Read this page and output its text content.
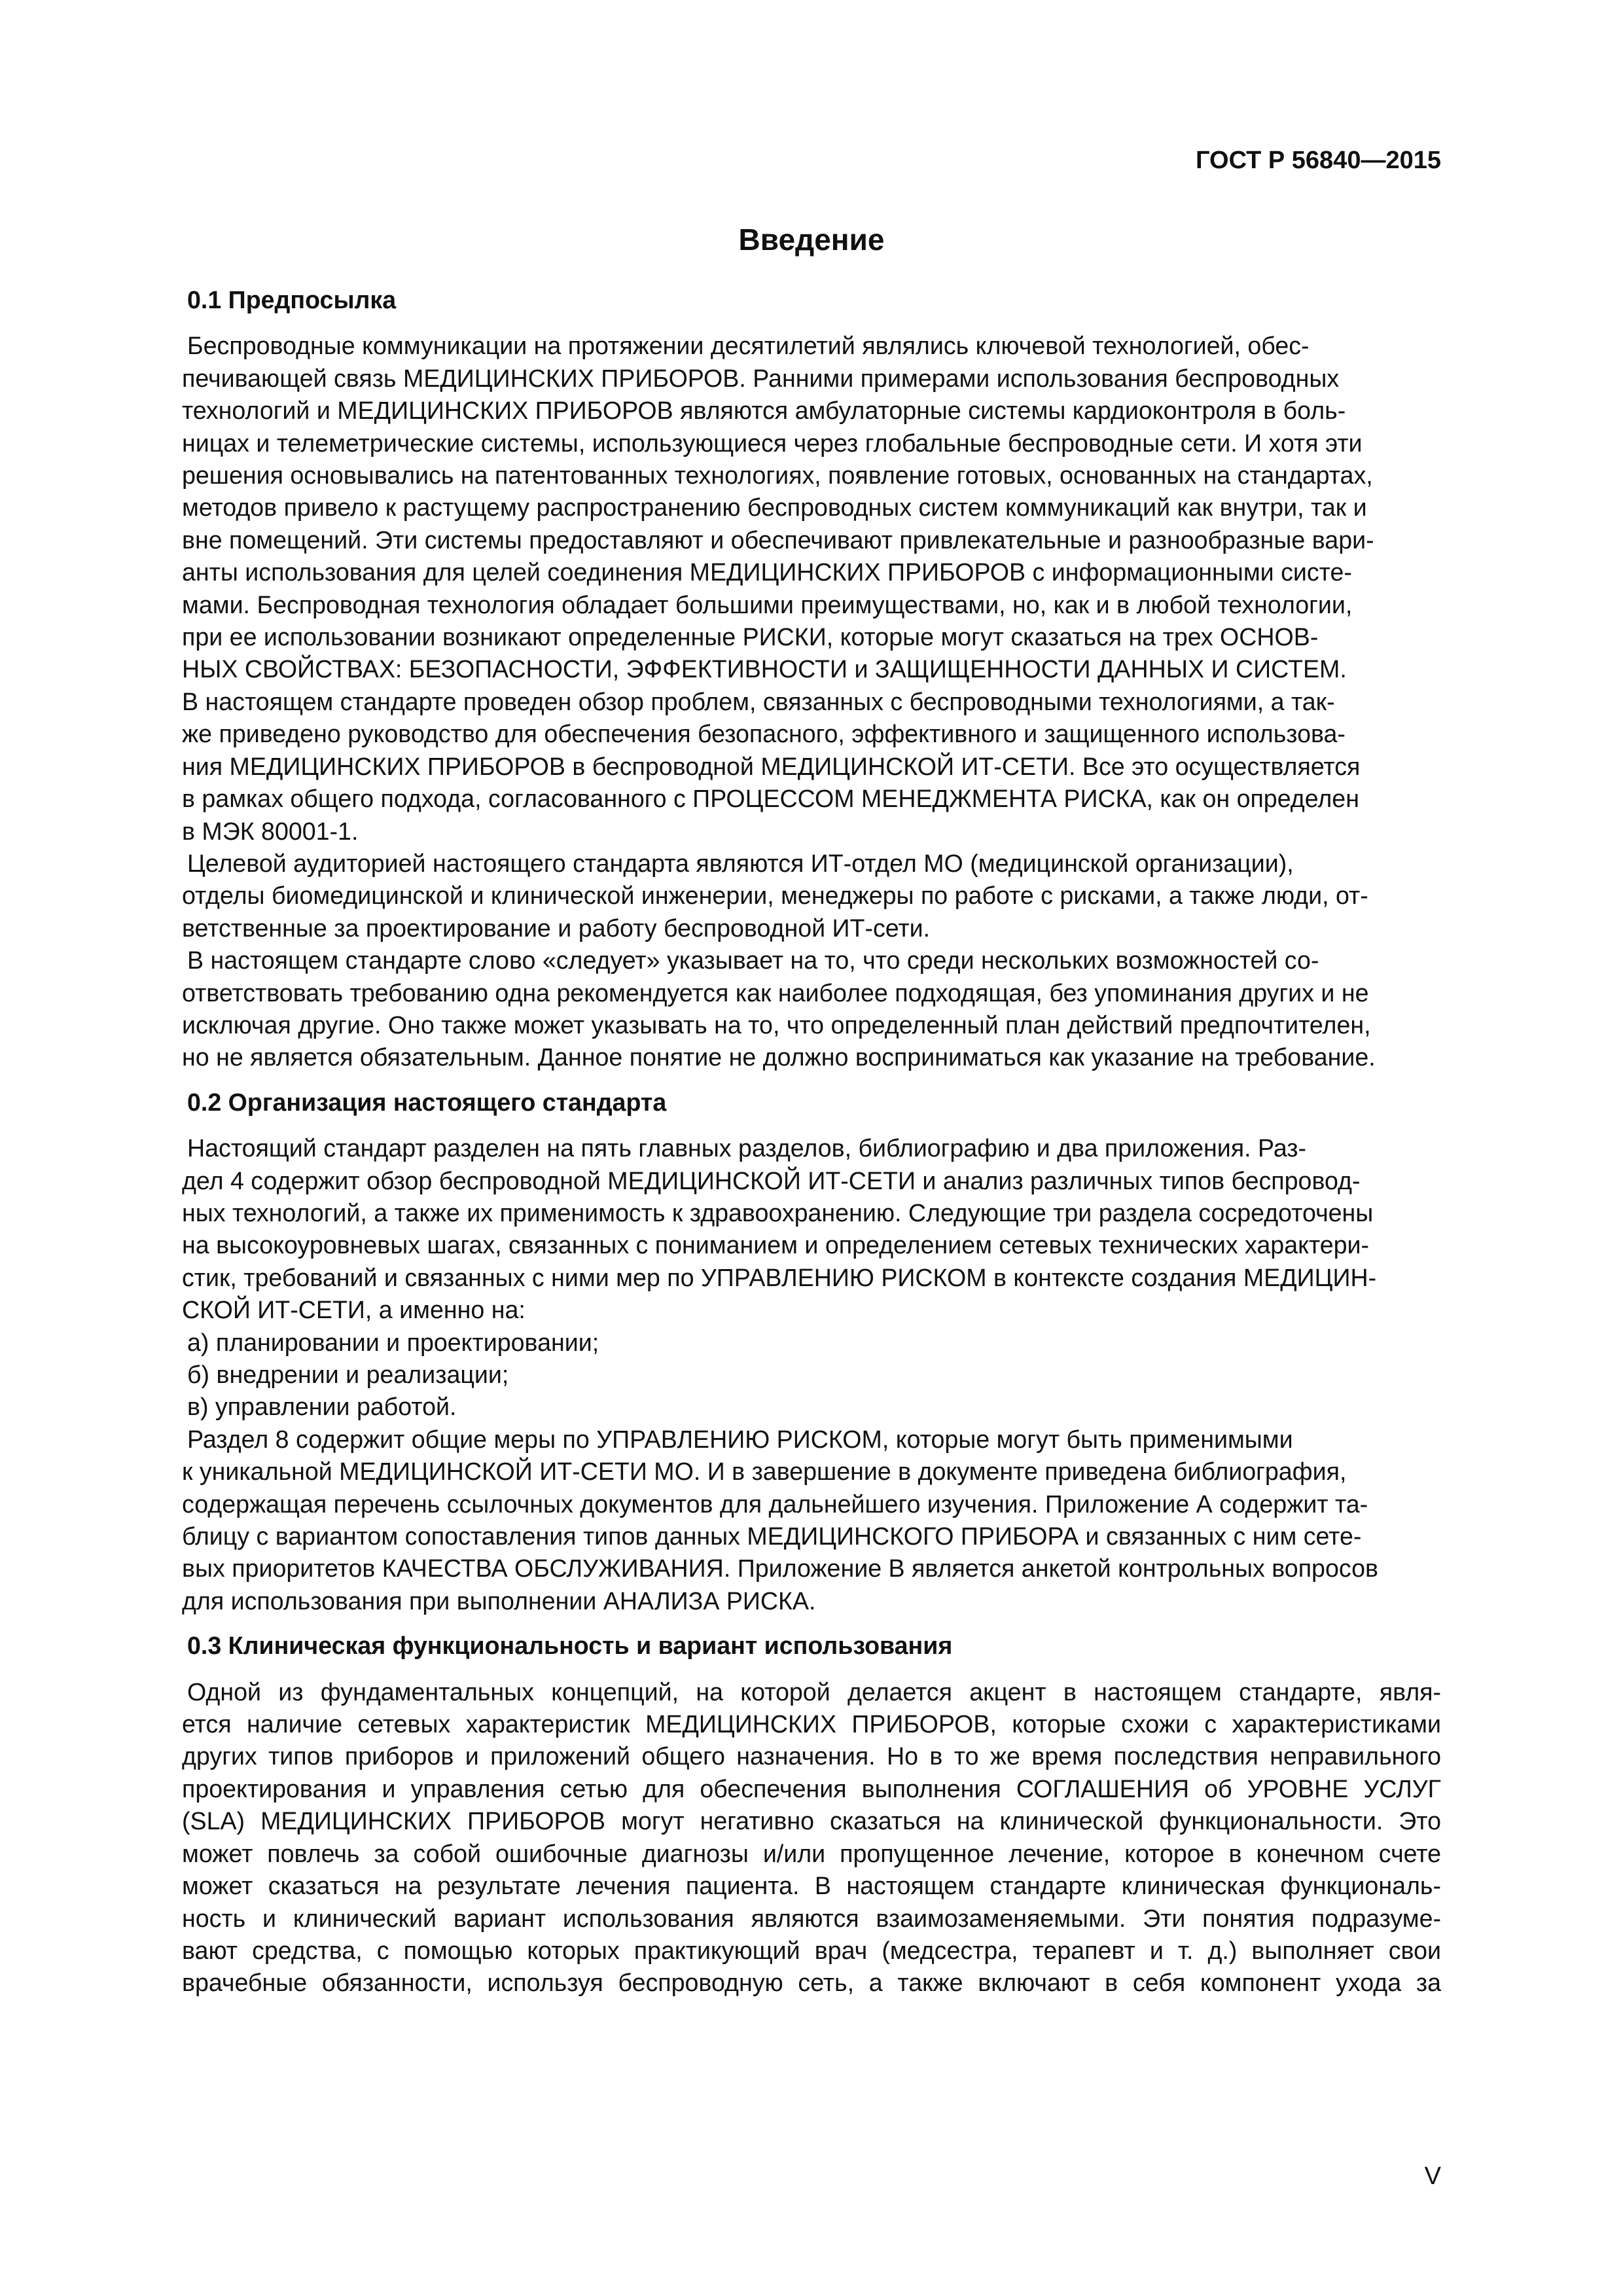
ГОСТ Р 56840—2015
Введение
0.1 Предпосылка

Беспроводные коммуникации на протяжении десятилетий являлись ключевой технологией, обес-
печивающей связь МЕДИЦИНСКИХ ПРИБОРОВ. Ранними примерами использования беспроводных
технологий и МЕДИЦИНСКИХ ПРИБОРОВ являются амбулаторные системы кардиоконтроля в боль-
ницах и телеметрические системы, использующиеся через глобальные беспроводные сети. И хотя эти
решения основывались на патентованных технологиях, появление готовых, основанных на стандартах,
методов привело к растущему распространению беспроводных систем коммуникаций как внутри, так и
вне помещений. Эти системы предоставляют и обеспечивают привлекательные и разнообразные вари-
анты использования для целей соединения МЕДИЦИНСКИХ ПРИБОРОВ с информационными систе-
мами. Беспроводная технология обладает большими преимуществами, но, как и в любой технологии,
при ее использовании возникают определенные РИСКИ, которые могут сказаться на трех ОСНОВ-
НЫХ СВОЙСТВАХ: БЕЗОПАСНОСТИ, ЭФФЕКТИВНОСТИ и ЗАЩИЩЕННОСТИ ДАННЫХ И СИСТЕМ.
В настоящем стандарте проведен обзор проблем, связанных с беспроводными технологиями, а так-
же приведено руководство для обеспечения безопасного, эффективного и защищенного использова-
ния МЕДИЦИНСКИХ ПРИБОРОВ в беспроводной МЕДИЦИНСКОЙ ИТ-СЕТИ. Все это осуществляется
в рамках общего подхода, согласованного с ПРОЦЕССОМ МЕНЕДЖМЕНТА РИСКА, как он определен
в МЭК 80001-1.

Целевой аудиторией настоящего стандарта являются ИТ-отдел МО (медицинской организации),
отделы биомедицинской и клинической инженерии, менеджеры по работе с рисками, а также люди, от-
ветственные за проектирование и работу беспроводной ИТ-сети.

В настоящем стандарте слово «следует» указывает на то, что среди нескольких возможностей со-
ответствовать требованию одна рекомендуется как наиболее подходящая, без упоминания других и не
исключая другие. Оно также может указывать на то, что определенный план действий предпочтителен,
но не является обязательным. Данное понятие не должно восприниматься как указание на требование.

0.2 Организация настоящего стандарта

Настоящий стандарт разделен на пять главных разделов, библиографию и два приложения. Раз-
дел 4 содержит обзор беспроводной МЕДИЦИНСКОЙ ИТ-СЕТИ и анализ различных типов беспровод-
ных технологий, а также их применимость к здравоохранению. Следующие три раздела сосредоточены
на высокоуровневых шагах, связанных с пониманием и определением сетевых технических характери-
стик, требований и связанных с ними мер по УПРАВЛЕНИЮ РИСКОМ в контексте создания МЕДИЦИН-
СКОЙ ИТ-СЕТИ, а именно на:

а) планировании и проектировании;
б) внедрении и реализации;
в) управлении работой.

Раздел 8 содержит общие меры по УПРАВЛЕНИЮ РИСКОМ, которые могут быть применимыми
к уникальной МЕДИЦИНСКОЙ ИТ-СЕТИ МО. И в завершение в документе приведена библиография,
содержащая перечень ссылочных документов для дальнейшего изучения. Приложение А содержит та-
блицу с вариантом сопоставления типов данных МЕДИЦИНСКОГО ПРИБОРА и связанных с ним сете-
вых приоритетов КАЧЕСТВА ОБСЛУЖИВАНИЯ. Приложение В является анкетой контрольных вопросов
для использования при выполнении АНАЛИЗА РИСКА.

0.3 Клиническая функциональность и вариант использования

Одной из фундаментальных концепций, на которой делается акцент в настоящем стандарте, явля-
ется наличие сетевых характеристик МЕДИЦИНСКИХ ПРИБОРОВ, которые схожи с характеристиками
других типов приборов и приложений общего назначения. Но в то же время последствия неправильного
проектирования и управления сетью для обеспечения выполнения СОГЛАШЕНИЯ об УРОВНЕ УСЛУГ
(SLA) МЕДИЦИНСКИХ ПРИБОРОВ могут негативно сказаться на клинической функциональности. Это
может повлечь за собой ошибочные диагнозы и/или пропущенное лечение, которое в конечном счете
может сказаться на результате лечения пациента. В настоящем стандарте клиническая функциональ-
ность и клинический вариант использования являются взаимозаменяемыми. Эти понятия подразуме-
вают средства, с помощью которых практикующий врач (медсестра, терапевт и т. д.) выполняет свои
врачебные обязанности, используя беспроводную сеть, а также включают в себя компонент ухода за

V
